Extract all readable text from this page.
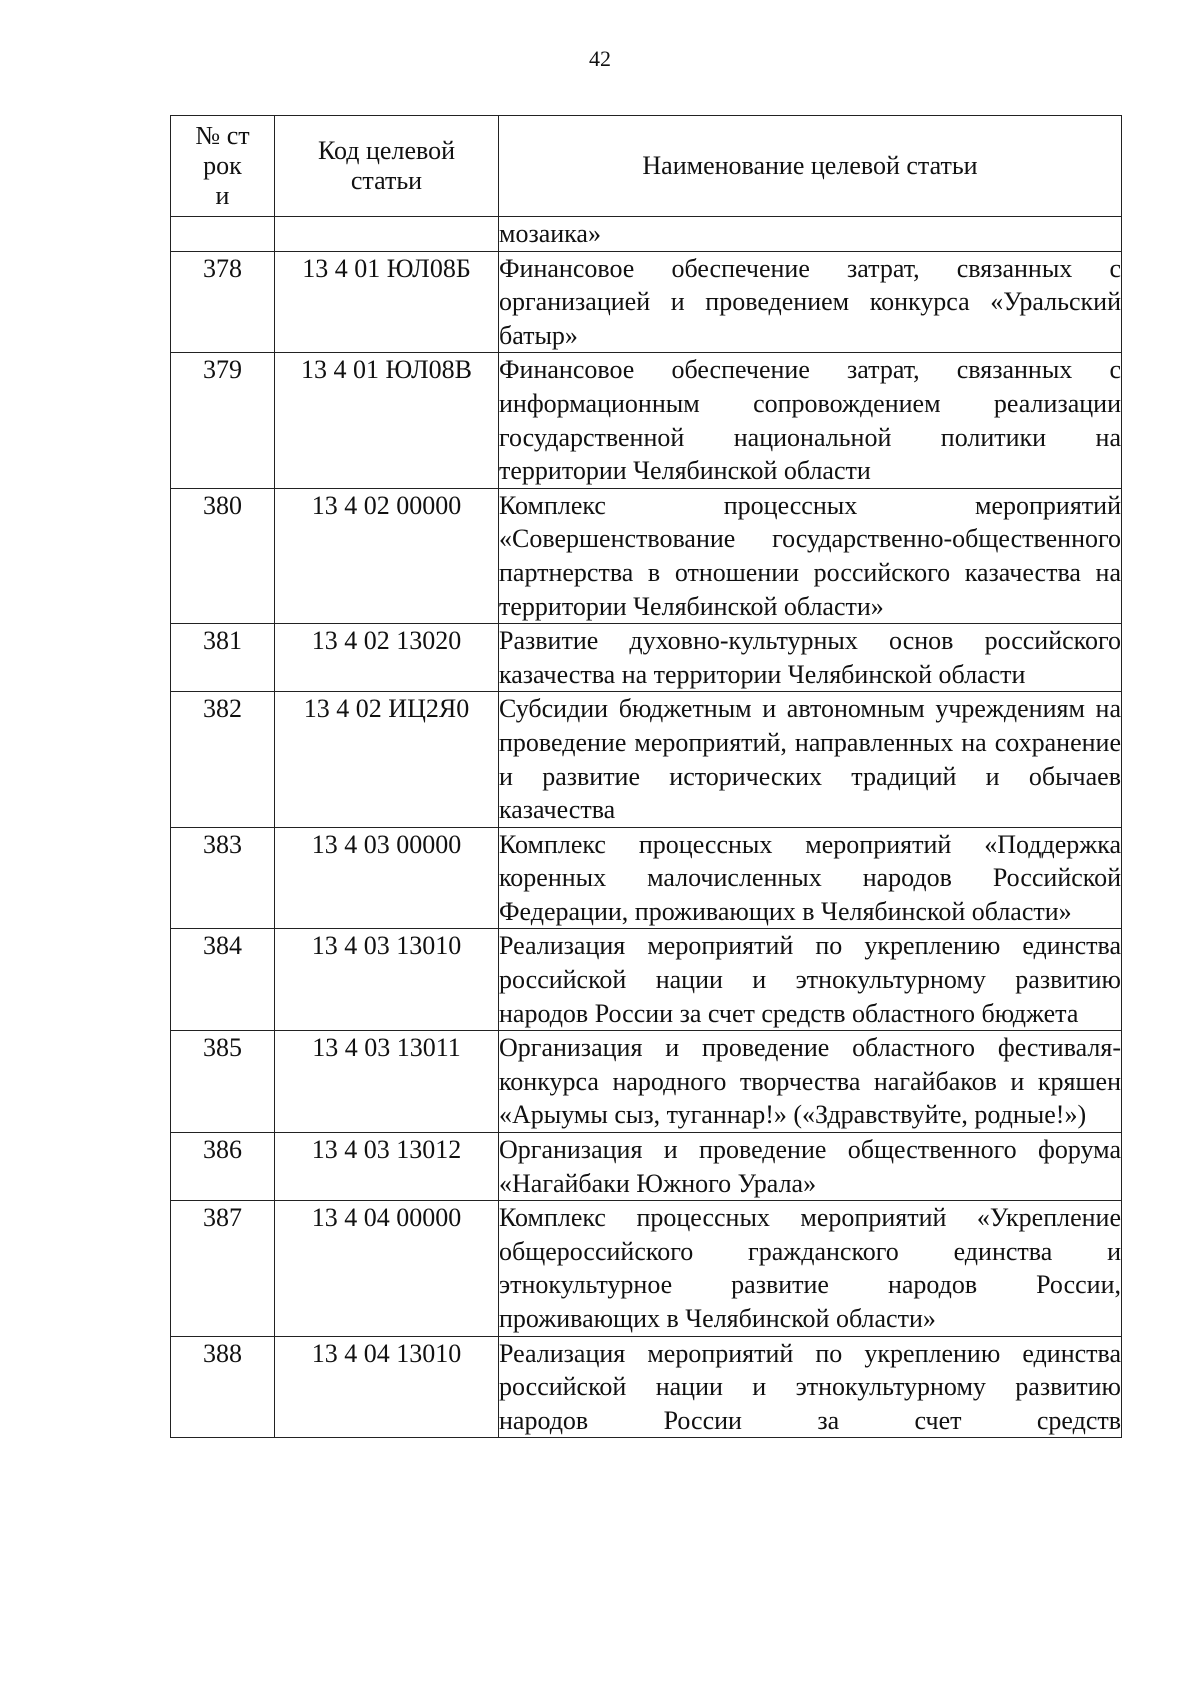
42
№ строк и	Код целевой статьи	Наименование целевой статьи

		мозаика»

378	13 4 01 ЮЛ08Б	Финансовое обеспечение затрат, связанных с организацией и проведением конкурса «Уральский батыр»

379	13 4 01 ЮЛ08В	Финансовое обеспечение затрат, связанных с информационным сопровождением реализации государственной национальной политики на территории Челябинской области

380	13 4 02 00000	Комплекс процессных мероприятий «Совершенствование государственно-общественного партнерства в отношении российского казачества на территории Челябинской области»

381	13 4 02 13020	Развитие духовно-культурных основ российского казачества на территории Челябинской области

382	13 4 02 ИЦ2Я0	Субсидии бюджетным и автономным учреждениям на проведение мероприятий, направленных на сохранение и развитие исторических традиций и обычаев казачества

383	13 4 03 00000	Комплекс процессных мероприятий «Поддержка коренных малочисленных народов Российской Федерации, проживающих в Челябинской области»

384	13 4 03 13010	Реализация мероприятий по укреплению единства российской нации и этнокультурному развитию народов России за счет средств областного бюджета

385	13 4 03 13011	Организация и проведение областного фестиваля-конкурса народного творчества нагайбаков и кряшен «Арыумы сыз, туганнар!» («Здравствуйте, родные!»)

386	13 4 03 13012	Организация и проведение общественного форума «Нагайбаки Южного Урала»

387	13 4 04 00000	Комплекс процессных мероприятий «Укрепление общероссийского гражданского единства и этнокультурное развитие народов России, проживающих в Челябинской области»

388	13 4 04 13010	Реализация мероприятий по укреплению единства российской нации и этнокультурному развитию народов России за счет средств
